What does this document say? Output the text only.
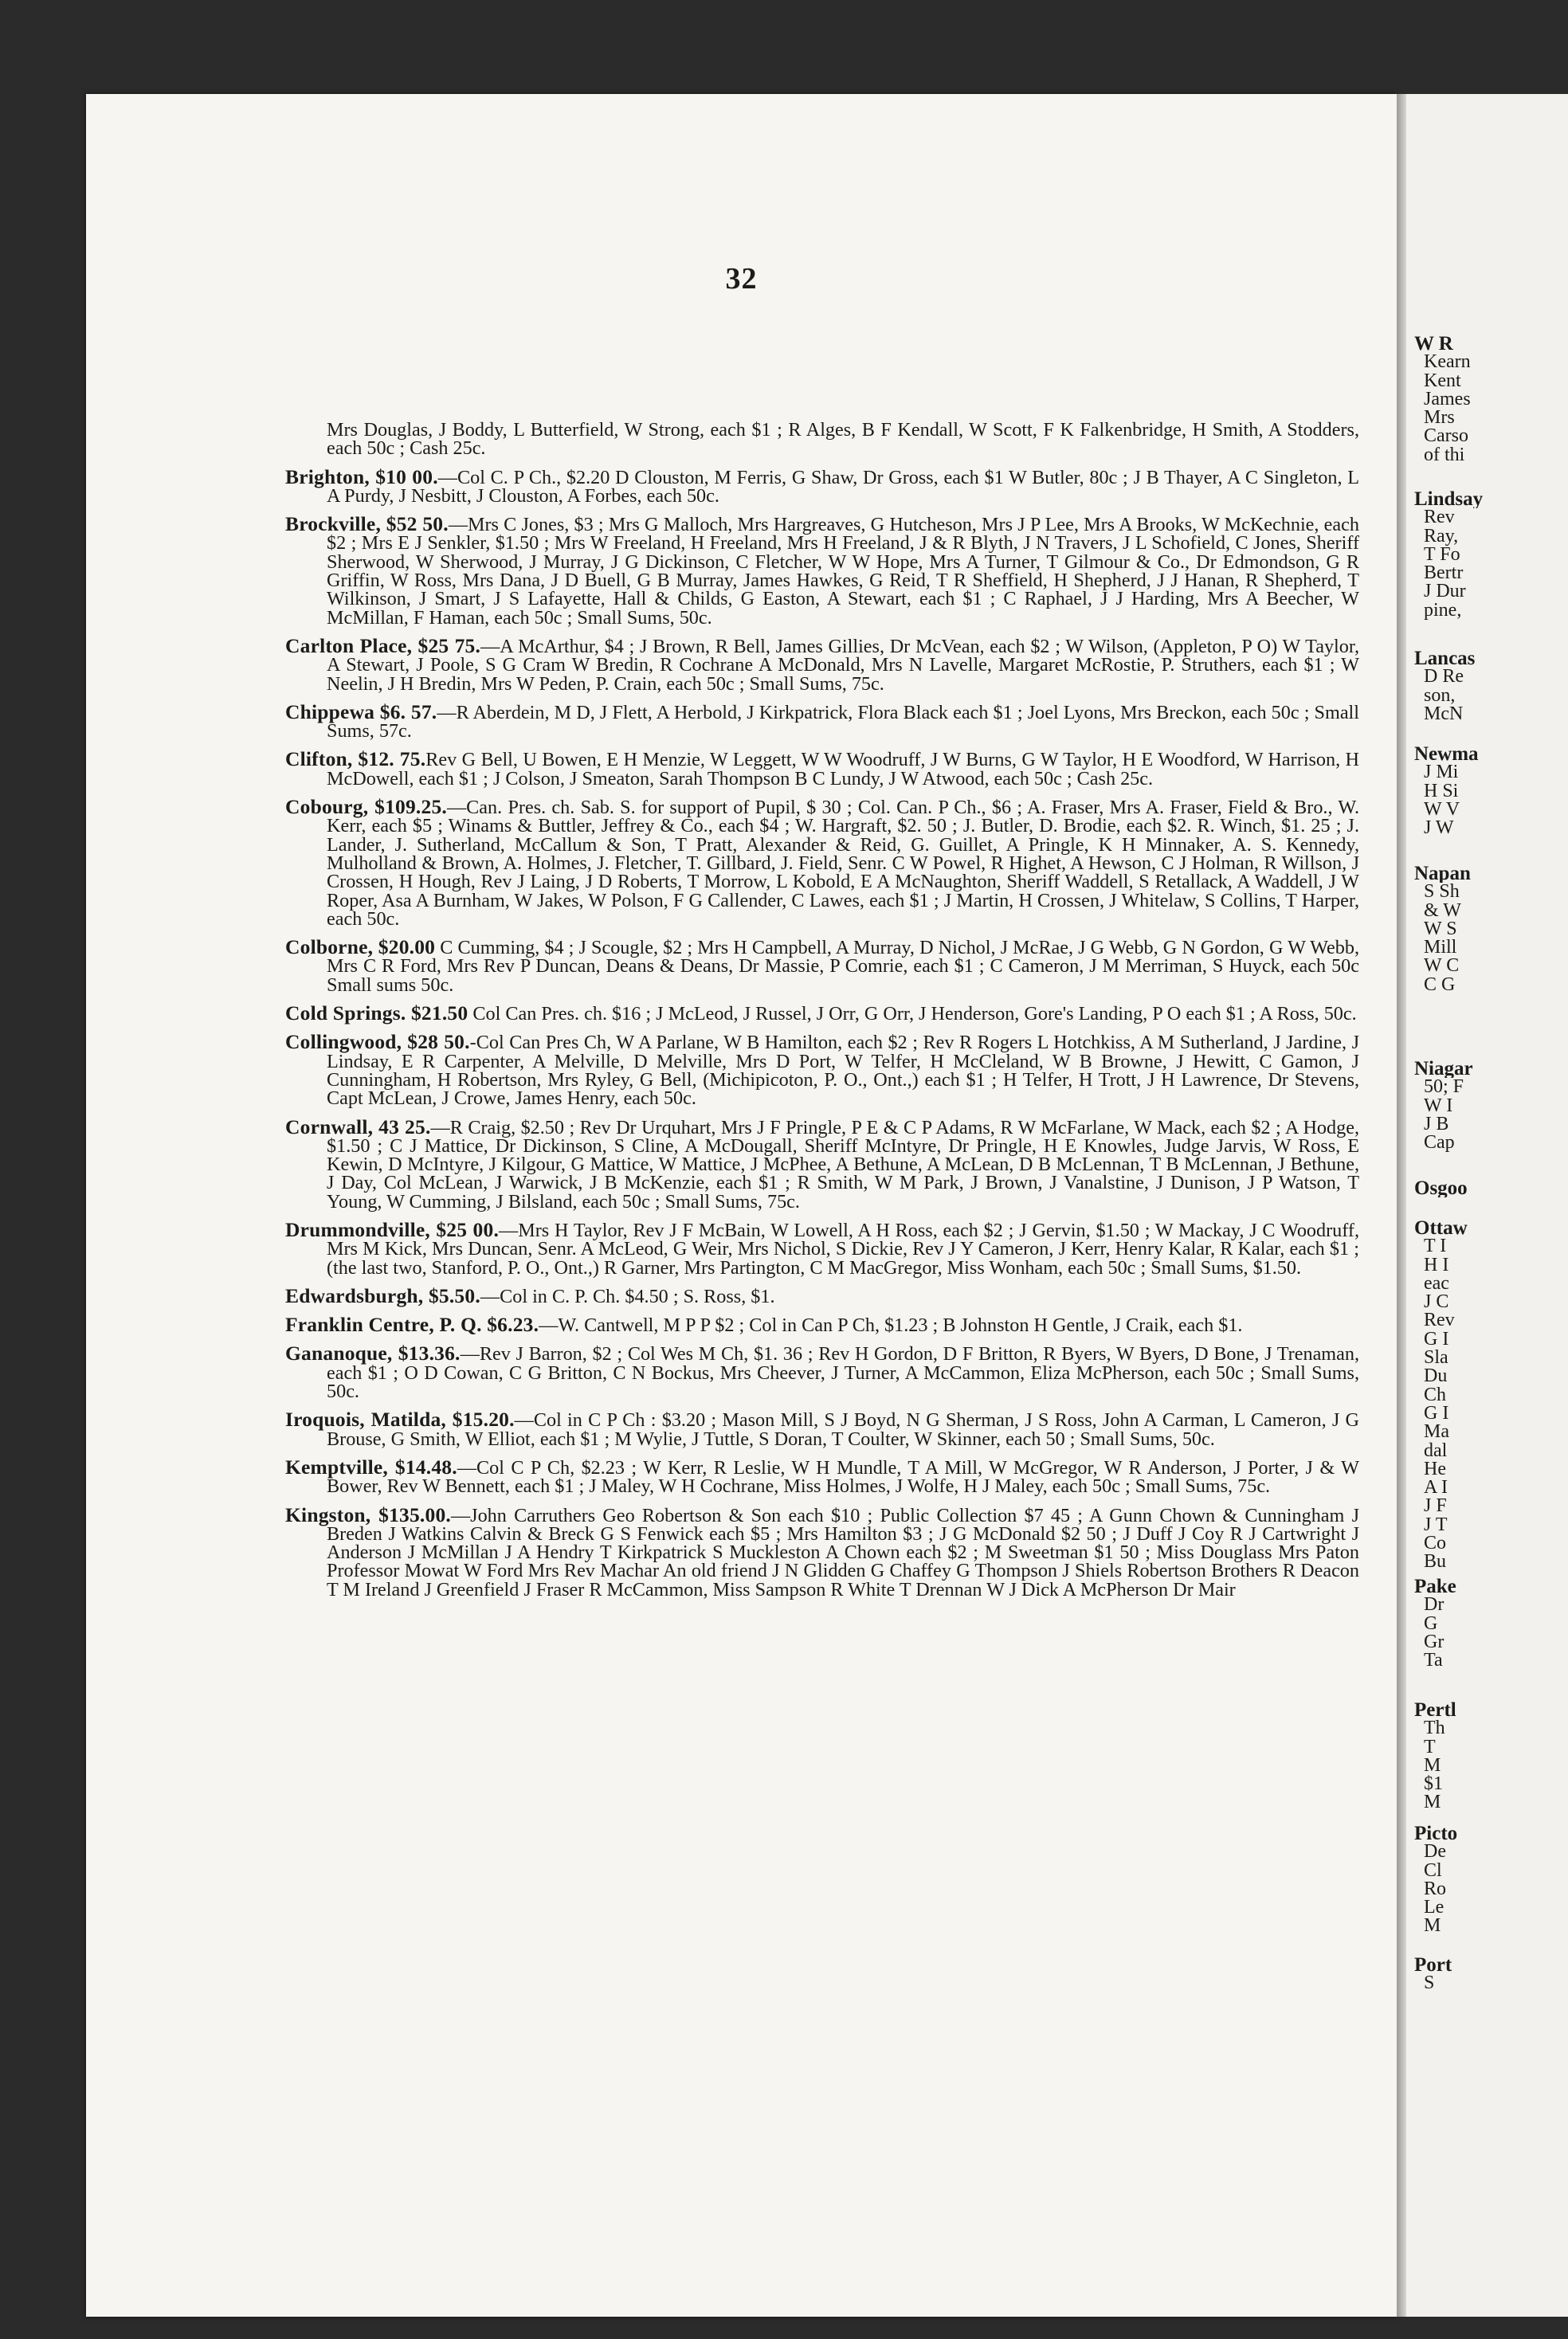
32

Mrs Douglas, J Boddy, L Butterfield, W Strong, each $1 ; R Alges, B F Kendall, W Scott, F K Falkenbridge, H Smith, A Stodders, each 50c ; Cash 25c.

Brighton, $10 00.—Col C. P Ch., $2.20 D Clouston, M Ferris, G Shaw, Dr Gross, each $1 W Butler, 80c ; J B Thayer, A C Singleton, L A Purdy, J Nesbitt, J Clouston, A Forbes, each 50c.

Brockville, $52 50.—Mrs C Jones, $3 ; Mrs G Malloch, Mrs Hargreaves, G Hutcheson, Mrs J P Lee, Mrs A Brooks, W McKechnie, each $2 ; Mrs E J Senkler, $1.50 ; Mrs W Freeland, H Freeland, Mrs H Freeland, J & R Blyth, J N Travers, J L Schofield, C Jones, Sheriff Sherwood, W Sherwood, J Murray, J G Dickinson, C Fletcher, W W Hope, Mrs A Turner, T Gilmour & Co., Dr Edmondson, G R Griffin, W Ross, Mrs Dana, J D Buell, G B Murray, James Hawkes, G Reid, T R Sheffield, H Shepherd, J J Hanan, R Shepherd, T Wilkinson, J Smart, J S Lafayette, Hall & Childs, G Easton, A Stewart, each $1 ; C Raphael, J J Harding, Mrs A Beecher, W McMillan, F Haman, each 50c ; Small Sums, 50c.

Carlton Place, $25 75.—A McArthur, $4 ; J Brown, R Bell, James Gillies, Dr McVean, each $2 ; W Wilson, (Appleton, P O) W Taylor, A Stewart, J Poole, S G Cram W Bredin, R Cochrane A McDonald, Mrs N Lavelle, Margaret McRostie, P. Struthers, each $1 ; W Neelin, J H Bredin, Mrs W Peden, P. Crain, each 50c ; Small Sums, 75c.

Chippewa $6. 57.—R Aberdein, M D, J Flett, A Herbold, J Kirkpatrick, Flora Black each $1 ; Joel Lyons, Mrs Breckon, each 50c ; Small Sums, 57c.

Clifton, $12. 75.Rev G Bell, U Bowen, E H Menzie, W Leggett, W W Woodruff, J W Burns, G W Taylor, H E Woodford, W Harrison, H McDowell, each $1 ; J Colson, J Smeaton, Sarah Thompson B C Lundy, J W Atwood, each 50c ; Cash 25c.

Cobourg, $109.25.—Can. Pres. ch. Sab. S. for support of Pupil, $ 30 ; Col. Can. P Ch., $6 ; A. Fraser, Mrs A. Fraser, Field & Bro., W. Kerr, each $5 ; Winams & Buttler, Jeffrey & Co., each $4 ; W. Hargraft, $2. 50 ; J. Butler, D. Brodie, each $2. R. Winch, $1. 25 ; J. Lander, J. Sutherland, McCallum & Son, T Pratt, Alexander & Reid, G. Guillet, A Pringle, K H Minnaker, A. S. Kennedy, Mulholland & Brown, A. Holmes, J. Fletcher, T. Gillbard, J. Field, Senr. C W Powel, R Highet, A Hewson, C J Holman, R Willson, J Crossen, H Hough, Rev J Laing, J D Roberts, T Morrow, L Kobold, E A McNaughton, Sheriff Waddell, S Retallack, A Waddell, J W Roper, Asa A Burnham, W Jakes, W Polson, F G Callender, C Lawes, each $1 ; J Martin, H Crossen, J Whitelaw, S Collins, T Harper, each 50c.

Colborne, $20.00 C Cumming, $4 ; J Scougle, $2 ; Mrs H Campbell, A Murray, D Nichol, J McRae, J G Webb, G N Gordon, G W Webb, Mrs C R Ford, Mrs Rev P Duncan, Deans & Deans, Dr Massie, P Comrie, each $1 ; C Cameron, J M Merriman, S Huyck, each 50c Small sums 50c.

Cold Springs. $21.50 Col Can Pres. ch. $16 ; J McLeod, J Russel, J Orr, G Orr, J Henderson, Gore's Landing, P O each $1 ; A Ross, 50c.

Collingwood, $28 50.-Col Can Pres Ch, W A Parlane, W B Hamilton, each $2 ; Rev R Rogers L Hotchkiss, A M Sutherland, J Jardine, J Lindsay, E R Carpenter, A Melville, D Melville, Mrs D Port, W Telfer, H McCleland, W B Browne, J Hewitt, C Gamon, J Cunningham, H Robertson, Mrs Ryley, G Bell, (Michipicoton, P. O., Ont.,) each $1 ; H Telfer, H Trott, J H Lawrence, Dr Stevens, Capt McLean, J Crowe, James Henry, each 50c.

Cornwall, 43 25.—R Craig, $2.50 ; Rev Dr Urquhart, Mrs J F Pringle, P E & C P Adams, R W McFarlane, W Mack, each $2 ; A Hodge, $1.50 ; C J Mattice, Dr Dickinson, S Cline, A McDougall, Sheriff McIntyre, Dr Pringle, H E Knowles, Judge Jarvis, W Ross, E Kewin, D McIntyre, J Kilgour, G Mattice, W Mattice, J McPhee, A Bethune, A McLean, D B McLennan, T B McLennan, J Bethune, J Day, Col McLean, J Warwick, J B McKenzie, each $1 ; R Smith, W M Park, J Brown, J Vanalstine, J Dunison, J P Watson, T Young, W Cumming, J Bilsland, each 50c ; Small Sums, 75c.

Drummondville, $25 00.—Mrs H Taylor, Rev J F McBain, W Lowell, A H Ross, each $2 ; J Gervin, $1.50 ; W Mackay, J C Woodruff, Mrs M Kick, Mrs Duncan, Senr. A McLeod, G Weir, Mrs Nichol, S Dickie, Rev J Y Cameron, J Kerr, Henry Kalar, R Kalar, each $1 ; (the last two, Stanford, P. O., Ont.,) R Garner, Mrs Partington, C M MacGregor, Miss Wonham, each 50c ; Small Sums, $1.50.

Edwardsburgh, $5.50.—Col in C. P. Ch. $4.50 ; S. Ross, $1.

Franklin Centre, P. Q. $6.23.—W. Cantwell, M P P $2 ; Col in Can P Ch, $1.23 ; B Johnston H Gentle, J Craik, each $1.

Gananoque, $13.36.—Rev J Barron, $2 ; Col Wes M Ch, $1. 36 ; Rev H Gordon, D F Britton, R Byers, W Byers, D Bone, J Trenaman, each $1 ; O D Cowan, C G Britton, C N Bockus, Mrs Cheever, J Turner, A McCammon, Eliza McPherson, each 50c ; Small Sums, 50c.

Iroquois, Matilda, $15.20.—Col in C P Ch : $3.20 ; Mason Mill, S J Boyd, N G Sherman, J S Ross, John A Carman, L Cameron, J G Brouse, G Smith, W Elliot, each $1 ; M Wylie, J Tuttle, S Doran, T Coulter, W Skinner, each 50 ; Small Sums, 50c.

Kemptville, $14.48.—Col C P Ch, $2.23 ; W Kerr, R Leslie, W H Mundle, T A Mill, W McGregor, W R Anderson, J Porter, J & W Bower, Rev W Bennett, each $1 ; J Maley, W H Cochrane, Miss Holmes, J Wolfe, H J Maley, each 50c ; Small Sums, 75c.

Kingston, $135.00.—John Carruthers Geo Robertson & Son each $10 ; Public Collection $7 45 ; A Gunn Chown & Cunningham J Breden J Watkins Calvin & Breck G S Fenwick each $5 ; Mrs Hamilton $3 ; J G McDonald $2 50 ; J Duff J Coy R J Cartwright J Anderson J McMillan J A Hendry T Kirkpatrick S Muckleston A Chown each $2 ; M Sweetman $1 50 ; Miss Douglass Mrs Paton Professor Mowat W Ford Mrs Rev Machar An old friend J N Glidden G Chaffey G Thompson J Shiels Robertson Brothers R Deacon T M Ireland J Greenfield J Fraser R McCammon, Miss Sampson R White T Drennan W J Dick A McPherson Dr Mair

W R
Kearn
Kent
James
Mrs
Carso
of thi
Lindsay
Rev
Ray,
T Fo
Bertr
J Dur
pine,
Lancas
D Re
son,
McN
Newma
J Mi
H Si
W V
J W
Napan
S Sh
& W
W S
Mill
W C
C G
Niagar
50; F
W I
J B
Cap
Osgoo
Ottaw
T I
H I
eac
J C
Rev
G I
Sla
Du
Ch
G I
Ma
dal
He
A I
J F
J T
Co
Bu
Pake
Dr
G
Gr
Ta
Pertl
Th
T
M
$1
M
Picto
De
Cl
Ro
Le
M
Port
S
